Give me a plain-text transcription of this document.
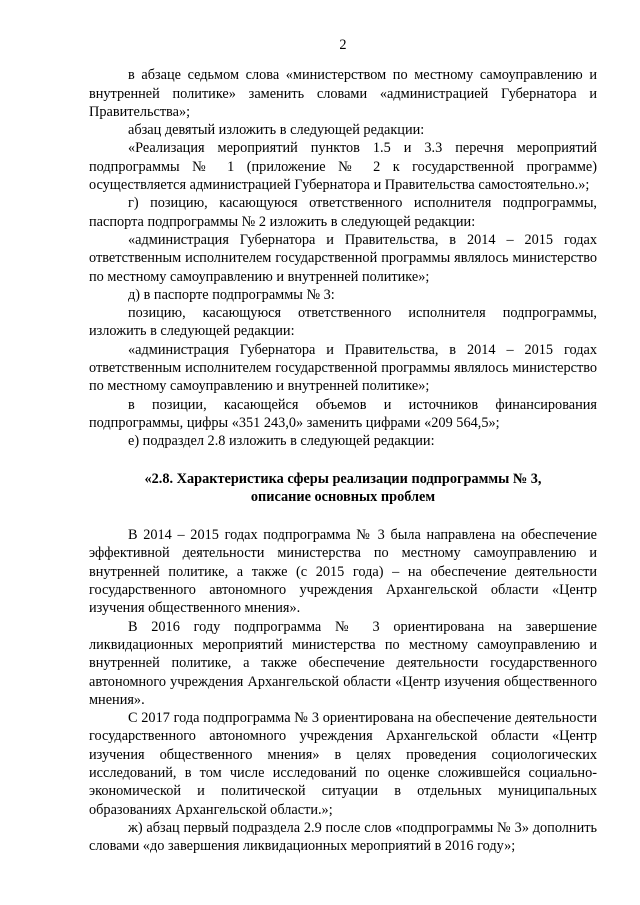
2

в абзаце седьмом слова «министерством по местному самоуправлению и внутренней политике» заменить словами «администрацией Губернатора и Правительства»;

абзац девятый изложить в следующей редакции:

«Реализация мероприятий пунктов 1.5 и 3.3 перечня мероприятий подпрограммы № 1 (приложение № 2 к государственной программе) осуществляется администрацией Губернатора и Правительства самостоятельно.»;

г) позицию, касающуюся ответственного исполнителя подпрограммы, паспорта подпрограммы № 2 изложить в следующей редакции:

«администрация Губернатора и Правительства, в 2014 – 2015 годах ответственным исполнителем государственной программы являлось министерство по местному самоуправлению и внутренней политике»;

д) в паспорте подпрограммы № 3:

позицию, касающуюся ответственного исполнителя подпрограммы, изложить в следующей редакции:

«администрация Губернатора и Правительства, в 2014 – 2015 годах ответственным исполнителем государственной программы являлось министерство по местному самоуправлению и внутренней политике»;

в позиции, касающейся объемов и источников финансирования подпрограммы, цифры «351 243,0» заменить цифрами «209 564,5»;

е) подраздел 2.8 изложить в следующей редакции:

«2.8. Характеристика сферы реализации подпрограммы № 3,
описание основных проблем

В 2014 – 2015 годах подпрограмма № 3 была направлена на обеспечение эффективной деятельности министерства по местному самоуправлению и внутренней политике, а также (с 2015 года) – на обеспечение деятельности государственного автономного учреждения Архангельской области «Центр изучения общественного мнения».

В 2016 году подпрограмма № 3 ориентирована на завершение ликвидационных мероприятий министерства по местному самоуправлению и внутренней политике, а также обеспечение деятельности государственного автономного учреждения Архангельской области «Центр изучения общественного мнения».

С 2017 года подпрограмма № 3 ориентирована на обеспечение деятельности государственного автономного учреждения Архангельской области «Центр изучения общественного мнения» в целях проведения социологических исследований, в том числе исследований по оценке сложившейся социально-экономической и политической ситуации в отдельных муниципальных образованиях Архангельской области.»;

ж) абзац первый подраздела 2.9 после слов «подпрограммы № 3» дополнить словами «до завершения ликвидационных мероприятий в 2016 году»;
